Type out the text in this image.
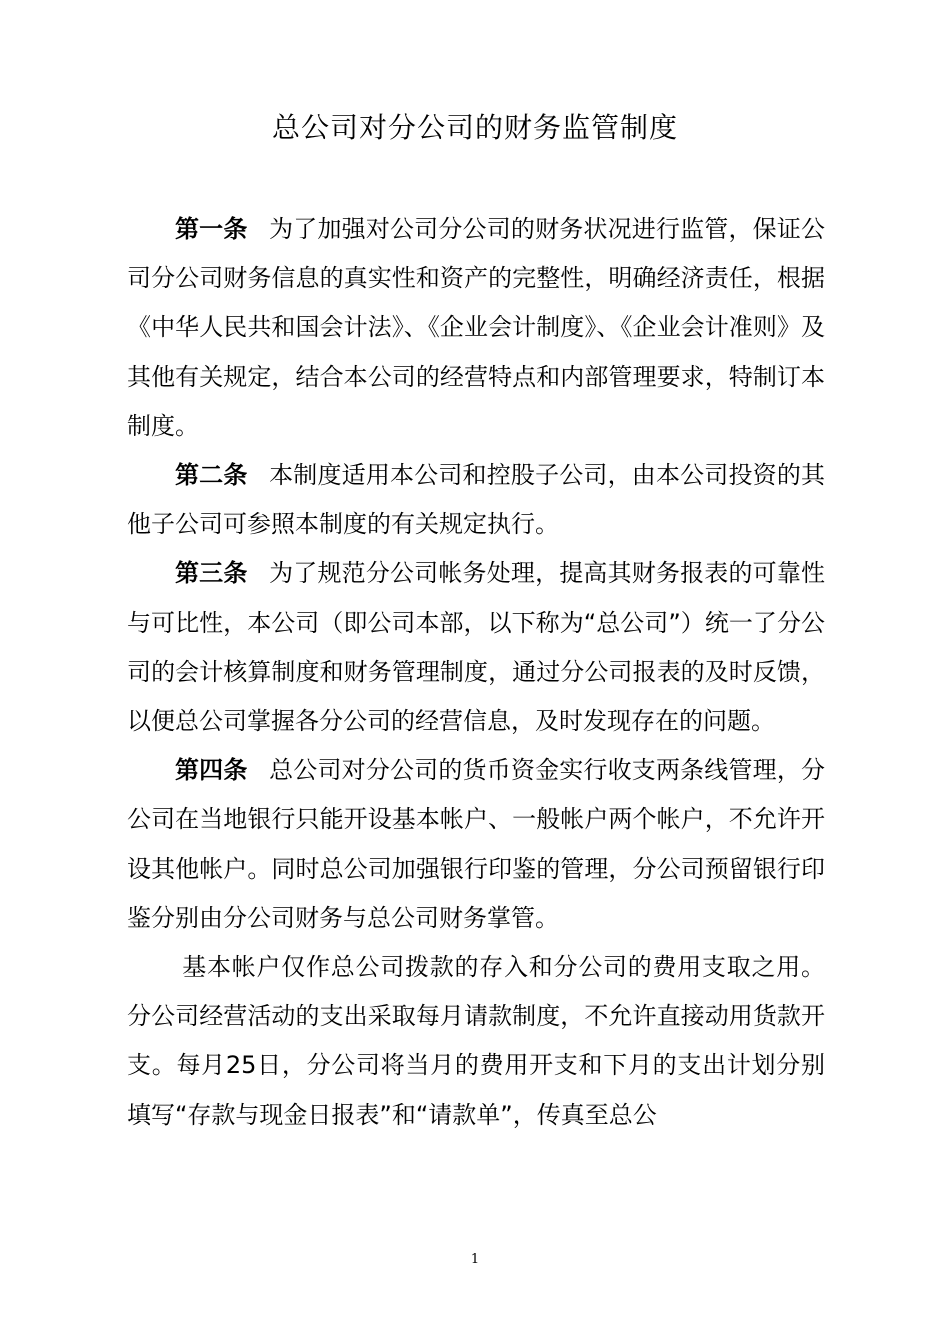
总公司对分公司的财务监管制度

第一条 为了加强对公司分公司的财务状况进行监管，保证公司分公司财务信息的真实性和资产的完整性，明确经济责任，根据《中华人民共和国会计法》、《企业会计制度》、《企业会计准则》及其他有关规定，结合本公司的经营特点和内部管理要求，特制订本制度。

第二条 本制度适用本公司和控股子公司，由本公司投资的其他子公司可参照本制度的有关规定执行。

第三条 为了规范分公司帐务处理，提高其财务报表的可靠性与可比性，本公司（即公司本部，以下称为“总公司”）统一了分公司的会计核算制度和财务管理制度，通过分公司报表的及时反馈，以便总公司掌握各分公司的经营信息，及时发现存在的问题。

第四条 总公司对分公司的货币资金实行收支两条线管理，分公司在当地银行只能开设基本帐户、一般帐户两个帐户，不允许开设其他帐户。同时总公司加强银行印鉴的管理，分公司预留银行印鉴分别由分公司财务与总公司财务掌管。

基本帐户仅作总公司拨款的存入和分公司的费用支取之用。分公司经营活动的支出采取每月请款制度，不允许直接动用货款开支。每月25日，分公司将当月的费用开支和下月的支出计划分别填写“存款与现金日报表”和“请款单”，传真至总公

1
